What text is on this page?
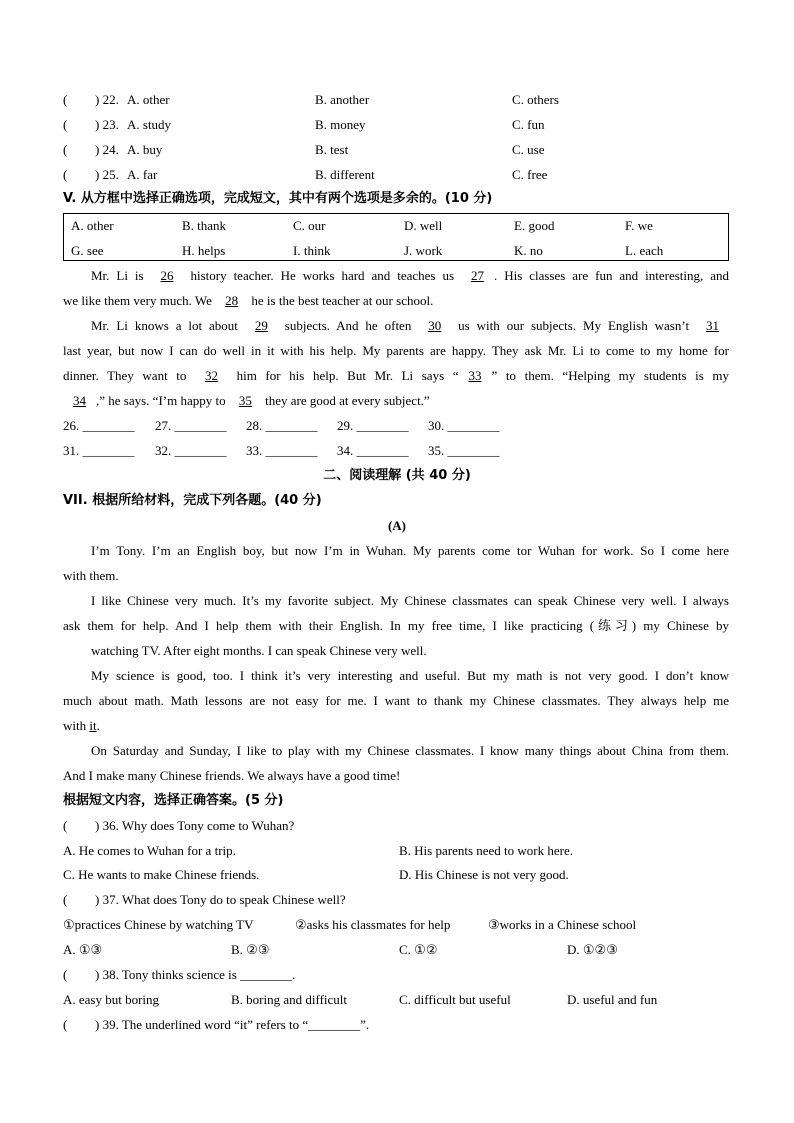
( ) 22. A. other	B. another	C. others
( ) 23. A. study	B. money	C. fun
( ) 24. A. buy	B. test	C. use
( ) 25. A. far	B. different	C. free
V. 从方框中选择正确选项，完成短文，其中有两个选项是多余的。(10 分)
A. other	B. thank	C. our	D. well	E. good	F. we
G. see	H. helps	I. think	J. work	K. no	L. each
Mr. Li is 26 history teacher. He works hard and teaches us 27 . His classes are fun and interesting, and
we like them very much. We 28 he is the best teacher at our school.
Mr. Li knows a lot about 29 subjects. And he often 30 us with our subjects. My English wasn’t 31
last year, but now I can do well in it with his help. My parents are happy. They ask Mr. Li to come to my home for
dinner. They want to 32 him for his help. But Mr. Li says “ 33 ” to them. “Helping my students is my
34 ,” he says. “I’m happy to 35 they are good at every subject.”
26. ________ 27. ________ 28. ________ 29. ________ 30. ________
31. ________ 32. ________ 33. ________ 34. ________ 35. ________
二、阅读理解 (共 40 分)
VII. 根据所给材料，完成下列各题。(40 分)
(A)
I’m Tony. I’m an English boy, but now I’m in Wuhan. My parents come tor Wuhan for work. So I come here
with them.
I like Chinese very much. It’s my favorite subject. My Chinese classmates can speak Chinese very well. I always
ask them for help. And I help them with their English. In my free time, I like practicing (练习) my Chinese by
watching TV. After eight months. I can speak Chinese very well.
My science is good, too. I think it’s very interesting and useful. But my math is not very good. I don’t know
much about math. Math lessons are not easy for me. I want to thank my Chinese classmates. They always help me
with it.
On Saturday and Sunday, I like to play with my Chinese classmates. I know many things about China from them.
And I make many Chinese friends. We always have a good time!
根据短文内容，选择正确答案。(5 分)
( ) 36. Why does Tony come to Wuhan?
A. He comes to Wuhan for a trip.	B. His parents need to work here.
C. He wants to make Chinese friends.	D. His Chinese is not very good.
( ) 37. What does Tony do to speak Chinese well?
①practices Chinese by watching TV	②asks his classmates for help	③works in a Chinese school
A. ①③	B. ②③	C. ①②	D. ①②③
( ) 38. Tony thinks science is ________.
A. easy but boring	B. boring and difficult	C. difficult but useful	D. useful and fun
( ) 39. The underlined word “it” refers to “________”.
